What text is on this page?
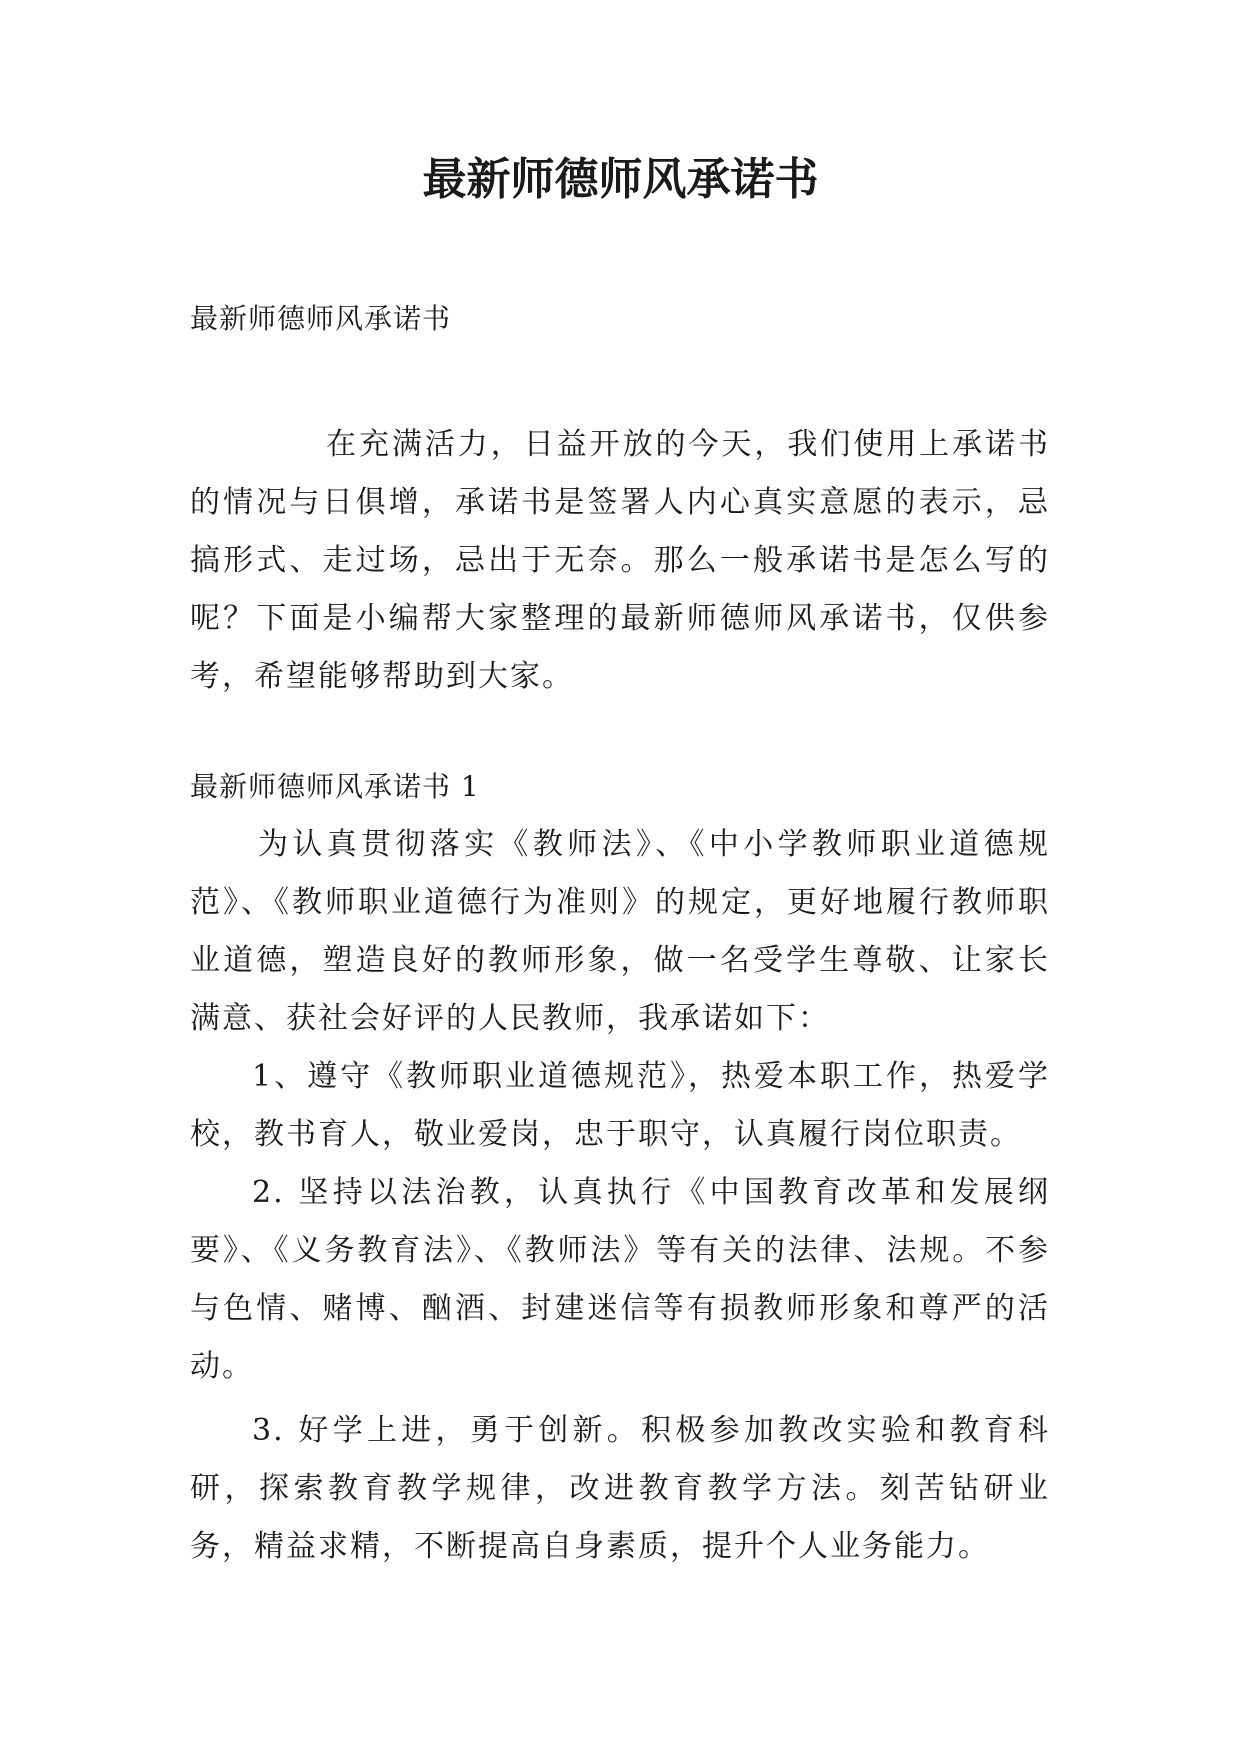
最新师德师风承诺书

最新师德师风承诺书

在充满活力，日益开放的今天，我们使用上承诺书的情况与日俱增，承诺书是签署人内心真实意愿的表示，忌搞形式、走过场，忌出于无奈。那么一般承诺书是怎么写的呢？下面是小编帮大家整理的最新师德师风承诺书，仅供参考，希望能够帮助到大家。

最新师德师风承诺书 1

为认真贯彻落实《教师法》、《中小学教师职业道德规范》、《教师职业道德行为准则》的规定，更好地履行教师职业道德，塑造良好的教师形象，做一名受学生尊敬、让家长满意、获社会好评的人民教师，我承诺如下：

1、遵守《教师职业道德规范》，热爱本职工作，热爱学校，教书育人，敬业爱岗，忠于职守，认真履行岗位职责。

2. 坚持以法治教，认真执行《中国教育改革和发展纲要》、《义务教育法》、《教师法》等有关的法律、法规。不参与色情、赌博、酗酒、封建迷信等有损教师形象和尊严的活动。

3. 好学上进，勇于创新。积极参加教改实验和教育科研，探索教育教学规律，改进教育教学方法。刻苦钻研业务，精益求精，不断提高自身素质，提升个人业务能力。
